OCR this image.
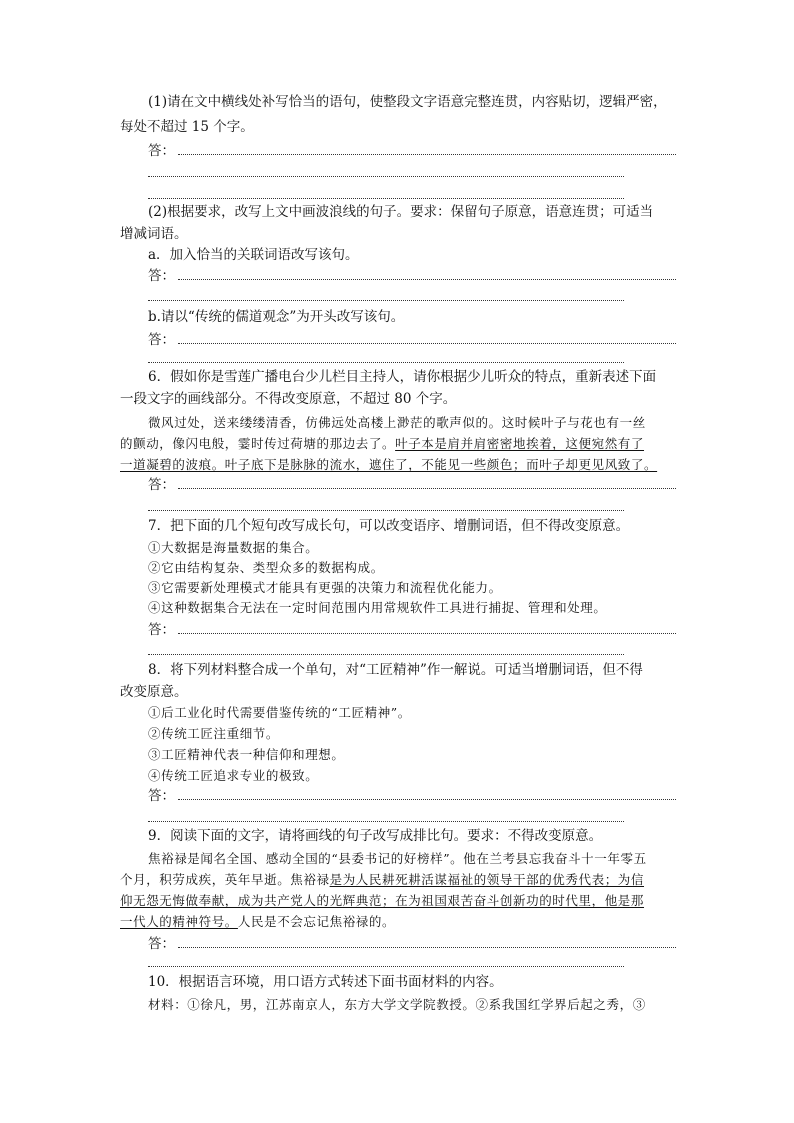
(1)请在文中横线处补写恰当的语句，使整段文字语意完整连贯，内容贴切，逻辑严密，
每处不超过 15 个字。
答：
(2)根据要求，改写上文中画波浪线的句子。要求：保留句子原意，语意连贯；可适当
增减词语。
a．加入恰当的关联词语改写该句。
答：
b.请以“传统的儒道观念”为开头改写该句。
答：
6．假如你是雪莲广播电台少儿栏目主持人，请你根据少儿听众的特点，重新表述下面
一段文字的画线部分。不得改变原意，不超过 80 个字。
微风过处，送来缕缕清香，仿佛远处高楼上渺茫的歌声似的。这时候叶子与花也有一丝
的颤动，像闪电般，霎时传过荷塘的那边去了。叶子本是肩并肩密密地挨着，这便宛然有了
一道凝碧的波痕。叶子底下是脉脉的流水，遮住了，不能见一些颜色；而叶子却更见风致了。
答：
7．把下面的几个短句改写成长句，可以改变语序、增删词语，但不得改变原意。
①大数据是海量数据的集合。
②它由结构复杂、类型众多的数据构成。
③它需要新处理模式才能具有更强的决策力和流程优化能力。
④这种数据集合无法在一定时间范围内用常规软件工具进行捕捉、管理和处理。
答：
8．将下列材料整合成一个单句，对“工匠精神”作一解说。可适当增删词语，但不得
改变原意。
①后工业化时代需要借鉴传统的“工匠精神”。
②传统工匠注重细节。
③工匠精神代表一种信仰和理想。
④传统工匠追求专业的极致。
答：
9．阅读下面的文字，请将画线的句子改写成排比句。要求：不得改变原意。
焦裕禄是闻名全国、感动全国的“县委书记的好榜样”。他在兰考县忘我奋斗十一年零五
个月，积劳成疾，英年早逝。焦裕禄是为人民耕死耕活谋福祉的领导干部的优秀代表；为信
仰无怨无悔做奉献，成为共产党人的光辉典范；在为祖国艰苦奋斗创新功的时代里，他是那
一代人的精神符号。人民是不会忘记焦裕禄的。
答：
10．根据语言环境，用口语方式转述下面书面材料的内容。
材料：①徐凡，男，江苏南京人，东方大学文学院教授。②系我国红学界后起之秀，③
